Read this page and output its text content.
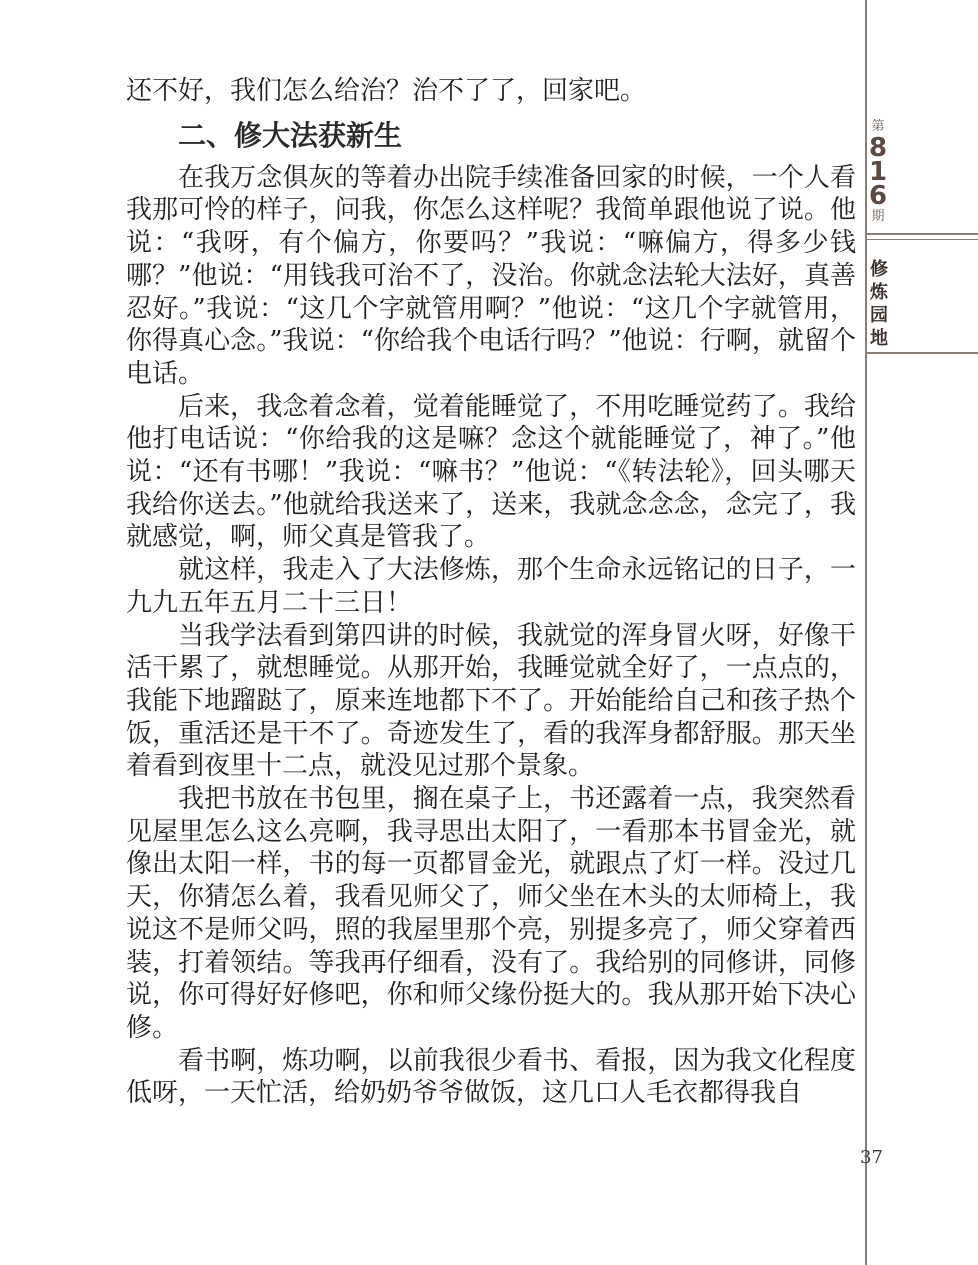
还不好，我们怎么给治？治不了了，回家吧。

二、修大法获新生

在我万念俱灰的等着办出院手续准备回家的时候，一个人看我那可怜的样子，问我，你怎么这样呢？我简单跟他说了说。他说：“我呀，有个偏方，你要吗？”我说：“嘛偏方，得多少钱哪？”他说：“用钱我可治不了，没治。你就念法轮大法好，真善忍好。”我说：“这几个字就管用啊？”他说：“这几个字就管用，你得真心念。”我说：“你给我个电话行吗？”他说：行啊，就留个电话。

后来，我念着念着，觉着能睡觉了，不用吃睡觉药了。我给他打电话说：“你给我的这是嘛？念这个就能睡觉了，神了。”他说：“还有书哪！”我说：“嘛书？”他说：“《转法轮》，回头哪天我给你送去。”他就给我送来了，送来，我就念念念，念完了，我就感觉，啊，师父真是管我了。

就这样，我走入了大法修炼，那个生命永远铭记的日子，一九九五年五月二十三日！

当我学法看到第四讲的时候，我就觉的浑身冒火呀，好像干活干累了，就想睡觉。从那开始，我睡觉就全好了，一点点的，我能下地蹓跶了，原来连地都下不了。开始能给自己和孩子热个饭，重活还是干不了。奇迹发生了，看的我浑身都舒服。那天坐着看到夜里十二点，就没见过那个景象。

我把书放在书包里，搁在桌子上，书还露着一点，我突然看见屋里怎么这么亮啊，我寻思出太阳了，一看那本书冒金光，就像出太阳一样，书的每一页都冒金光，就跟点了灯一样。没过几天，你猜怎么着，我看见师父了，师父坐在木头的太师椅上，我说这不是师父吗，照的我屋里那个亮，别提多亮了，师父穿着西装，打着领结。等我再仔细看，没有了。我给别的同修讲，同修说，你可得好好修吧，你和师父缘份挺大的。我从那开始下决心修。

看书啊，炼功啊，以前我很少看书、看报，因为我文化程度低呀，一天忙活，给奶奶爷爷做饭，这几口人毛衣都得我自

第
8
1
6
期
修
炼
园
地
37
